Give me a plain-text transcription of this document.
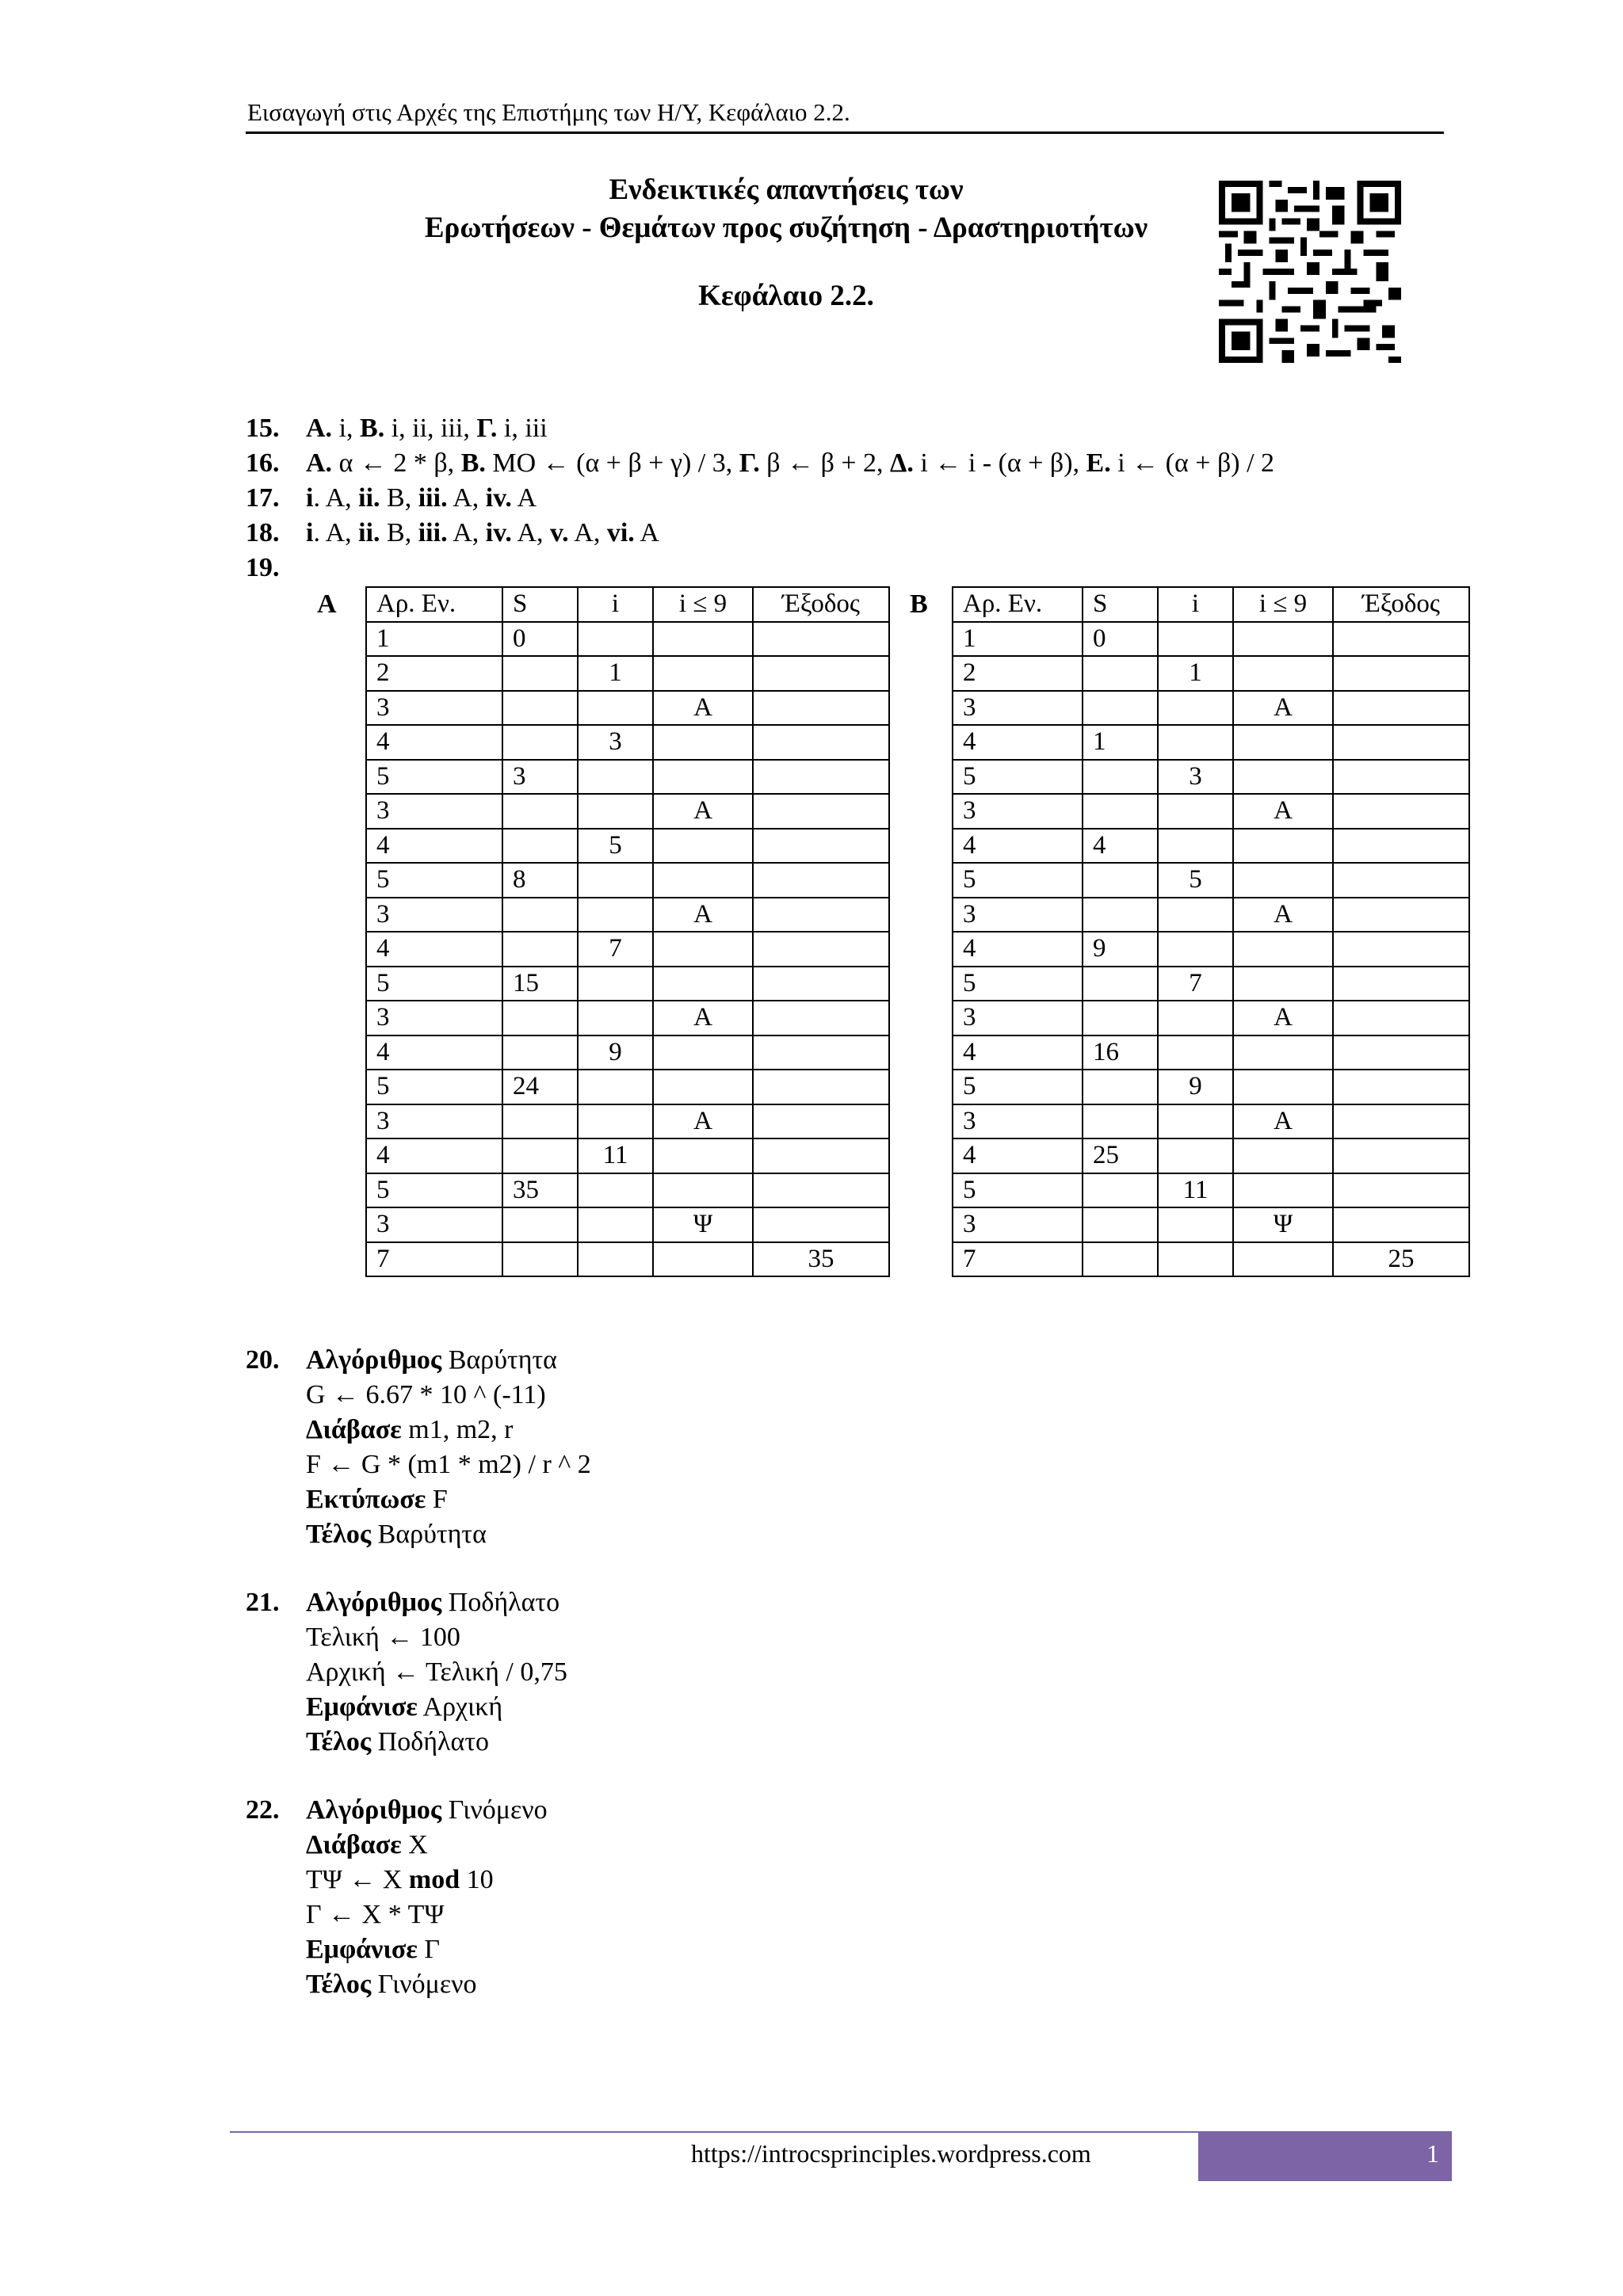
Εισαγωγή στις Αρχές της Επιστήμης των Η/Υ, Κεφάλαιο 2.2.
Ενδεικτικές απαντήσεις των
Ερωτήσεων - Θεμάτων προς συζήτηση - Δραστηριοτήτων
Κεφάλαιο 2.2.
15. A. i, B. i, ii, iii, Γ. i, iii
16. A. α ← 2 * β, B. ΜΟ ← (α + β + γ) / 3, Γ. β ← β + 2, Δ. i ← i - (α + β), E. i ← (α + β) / 2
17. i. A, ii. B, iii. A, iv. A
18. i. A, ii. B, iii. A, iv. A, v. A, vi. A
19.
A Αρ. Εν.	S	i	i ≤ 9	Έξοδος
1	0			
2		1		
3			A	
4		3		
5	3			
3			A	
4		5		
5	8			
3			A	
4		7		
5	15			
3			A	
4		9		
5	24			
3			A	
4		11		
5	35			
3			Ψ	
7				35
B Αρ. Εν.	S	i	i ≤ 9	Έξοδος
1	0			
2		1		
3			A	
4	1			
5		3		
3			A	
4	4			
5		5		
3			A	
4	9			
5		7		
3			A	
4	16			
5		9		
3			A	
4	25			
5		11		
3			Ψ	
7				25
20. Αλγόριθμος Βαρύτητα
G ← 6.67 * 10 ^ (-11)
Διάβασε m1, m2, r
F ← G * (m1 * m2) / r ^ 2
Εκτύπωσε F
Τέλος Βαρύτητα
21. Αλγόριθμος Ποδήλατο
Τελική ← 100
Αρχική ← Τελική / 0,75
Εμφάνισε Αρχική
Τέλος Ποδήλατο
22. Αλγόριθμος Γινόμενο
Διάβασε Χ
ΤΨ ← Χ mod 10
Γ ← Χ * ΤΨ
Εμφάνισε Γ
Τέλος Γινόμενο
https://introcsprinciples.wordpress.com	1
